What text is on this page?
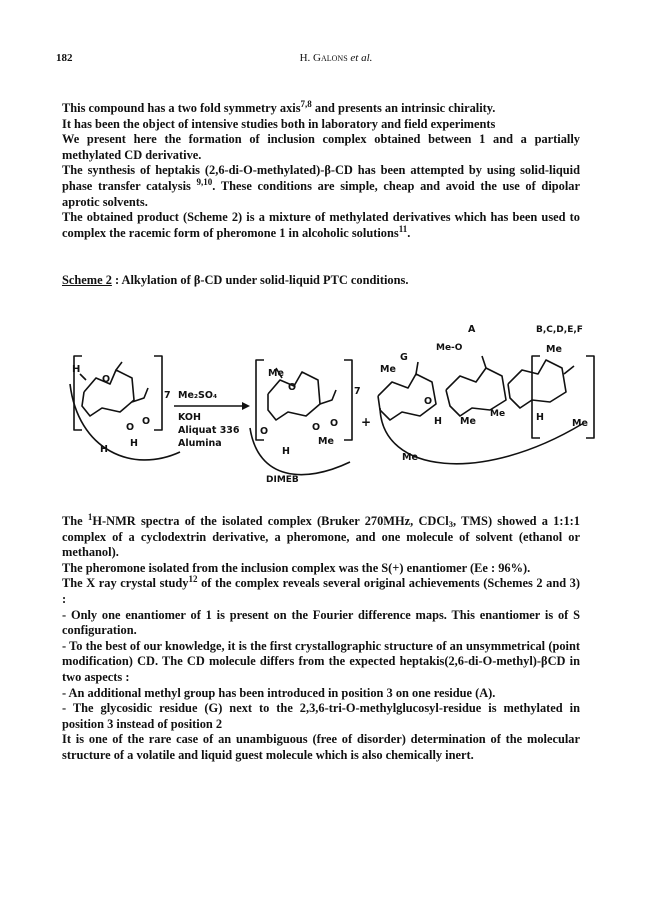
182	H. Galons et al.

This compound has a two fold symmetry axis$^{7,8}$ and presents an intrinsic chirality.

It has been the object of intensive studies both in laboratory and field experiments

We present here the formation of inclusion complex obtained between 1 and a partially methylated CD derivative.

The synthesis of heptakis (2,6-di-O-methylated)-β-CD has been attempted by using solid-liquid phase transfer catalysis $^{9,10}$. These conditions are simple, cheap and avoid the use of dipolar aprotic solvents.

The obtained product (Scheme 2) is a mixture of methylated derivatives which has been used to complex the racemic form of pheromone 1 in alcoholic solutions$^{11}$.

Scheme 2 : Alkylation of β-CD under solid-liquid PTC conditions.
H
O
O
O
H
H
7 Me₂SO₄
KOH
Aliquat 336
Alumina
Me
O
O O
O
Me
H
7
DIMEB
+
A	B,C,D,E,F
Me-O
G
Me
Me
O
H Me
Me	H
Me
Me

The $^1$H-NMR spectra of the isolated complex (Bruker 270MHz, CDCl$_3$, TMS) showed a 1:1:1 complex of a cyclodextrin derivative, a pheromone, and one molecule of solvent (ethanol or methanol).

The pheromone isolated from the inclusion complex was the S(+) enantiomer (Ee : 96%).

The X ray crystal study$^{12}$ of the complex reveals several original achievements (Schemes 2 and 3) :

- Only one enantiomer of 1 is present on the Fourier difference maps. This enantiomer is of S configuration.

- To the best of our knowledge, it is the first crystallographic structure of an unsymmetrical (point modification) CD. The CD molecule differs from the expected heptakis(2,6-di-O-methyl)-βCD in two aspects :

- An additional methyl group has been introduced in position 3 on one residue (A).

- The glycosidic residue (G) next to the 2,3,6-tri-O-methylglucosyl-residue is methylated in position 3 instead of position 2

It is one of the rare case of an unambiguous (free of disorder) determination of the molecular structure of a volatile and liquid guest molecule which is also chemically inert.
